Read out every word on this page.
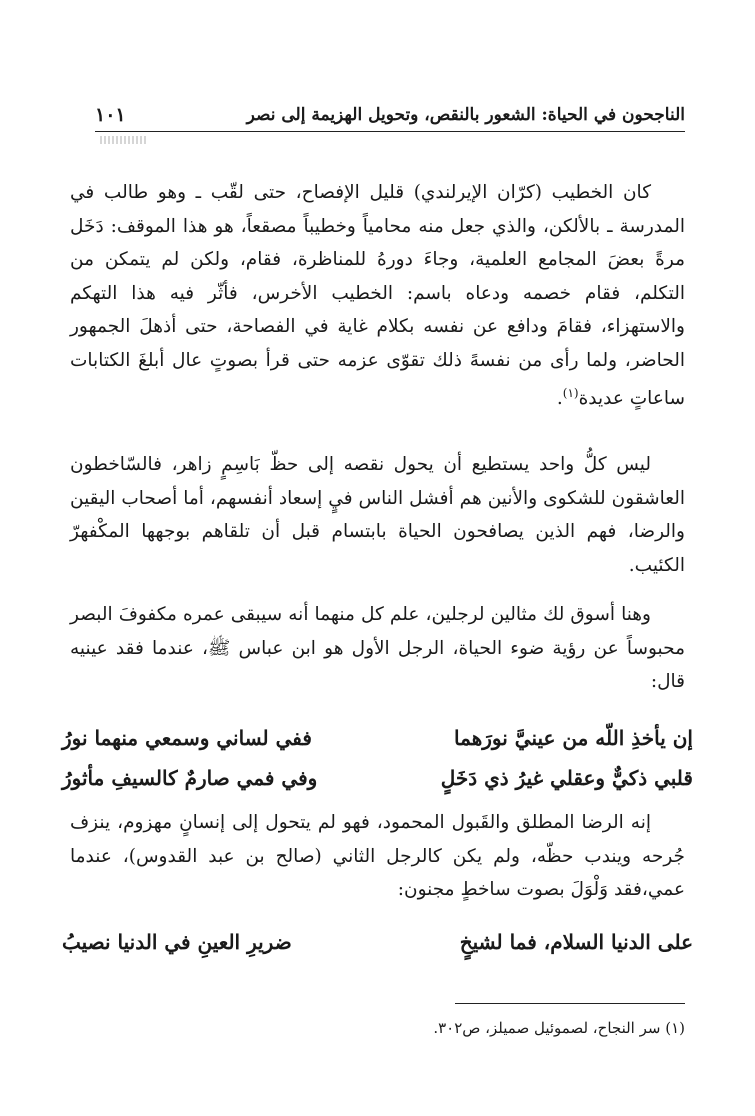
الناجحون في الحياة: الشعور بالنقص، وتحويل الهزيمة إلى نصر
١٠١

كان الخطيب (كرّان الإيرلندي) قليل الإفصاح، حتى لقّب ـ وهو طالب في المدرسة ـ بالألكن، والذي جعل منه محامياً وخطيباً مصقعاً، هو هذا الموقف: دَخَل مرةً بعضَ المجامع العلمية، وجاءَ دورهُ للمناظرة، فقام، ولكن لم يتمكن من التكلم، فقام خصمه ودعاه باسم: الخطيب الأخرس، فأثّر فيه هذا التهكم والاستهزاء، فقامَ ودافع عن نفسه بكلام غاية في الفصاحة، حتى أذهلَ الجمهور الحاضر، ولما رأى من نفسهً ذلك تقوّى عزمه حتى قرأ بصوتٍ عال أبلغَ الكتابات ساعاتٍ عديدة$^{(١)}$.

ليس كلُّ واحد يستطيع أن يحول نقصه إلى حظّ بَاسِمٍ زاهر، فالسّاخطون العاشقون للشكوى والأنين هم أفشل الناس فيٍ إسعاد أنفسهم، أما أصحاب اليقين والرضا، فهم الذين يصافحون الحياة بابتسام قبل أن تلقاهم بوجهها المكْفهرّ الكئيب.

وهنا أسوق لك مثالين لرجلين، علم كل منهما أنه سيبقى عمره مكفوفَ البصر محبوساً عن رؤية ضوء الحياة، الرجل الأول هو ابن عباس ﷺ، عندما فقد عينيه قال:

إن يأخذِ اللّه من عينيَّ نورَهما
ففي لساني وسمعي منهما نورُ
قلبي ذكيٌّ وعقلي غيرُ ذي دَخَلٍ
وفي فمي صارمٌ كالسيفِ مأثورُ

إنه الرضا المطلق والقَبول المحمود، فهو لم يتحول إلى إنسانٍ مهزوم، ينزف جُرحه ويندب حظّه، ولم يكن كالرجل الثاني (صالح بن عبد القدوس)، عندما عمي،فقد وَلْوَلَ بصوت ساخطٍ مجنون:

على الدنيا السلام، فما لشيخٍ
ضريرِ العينِ في الدنيا نصيبُ
(١) سر النجاح، لصموئيل صميلز، ص٣٠٢.
